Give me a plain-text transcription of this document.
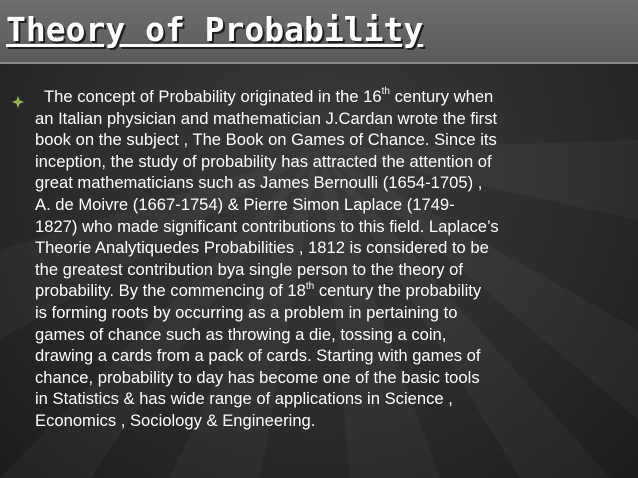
Theory of Probability
The concept of Probability originated in the 16th century when
an Italian physician and mathematician J.Cardan wrote the first
book on the subject , The Book on Games of Chance. Since its
inception, the study of probability has attracted the attention of
great mathematicians such as James Bernoulli (1654-1705) ,
A. de Moivre (1667-1754) & Pierre Simon Laplace (1749-
1827) who made significant contributions to this field. Laplace’s
Theorie Analytiquedes Probabilities , 1812 is considered to be
the greatest contribution bya single person to the theory of
probability. By the commencing of 18th century the probability
is forming roots by occurring as a problem in pertaining to
games of chance such as throwing a die, tossing a coin,
drawing a cards from a pack of cards. Starting with games of
chance, probability to day has become one of the basic tools
in Statistics & has wide range of applications in Science ,
Economics , Sociology & Engineering.
